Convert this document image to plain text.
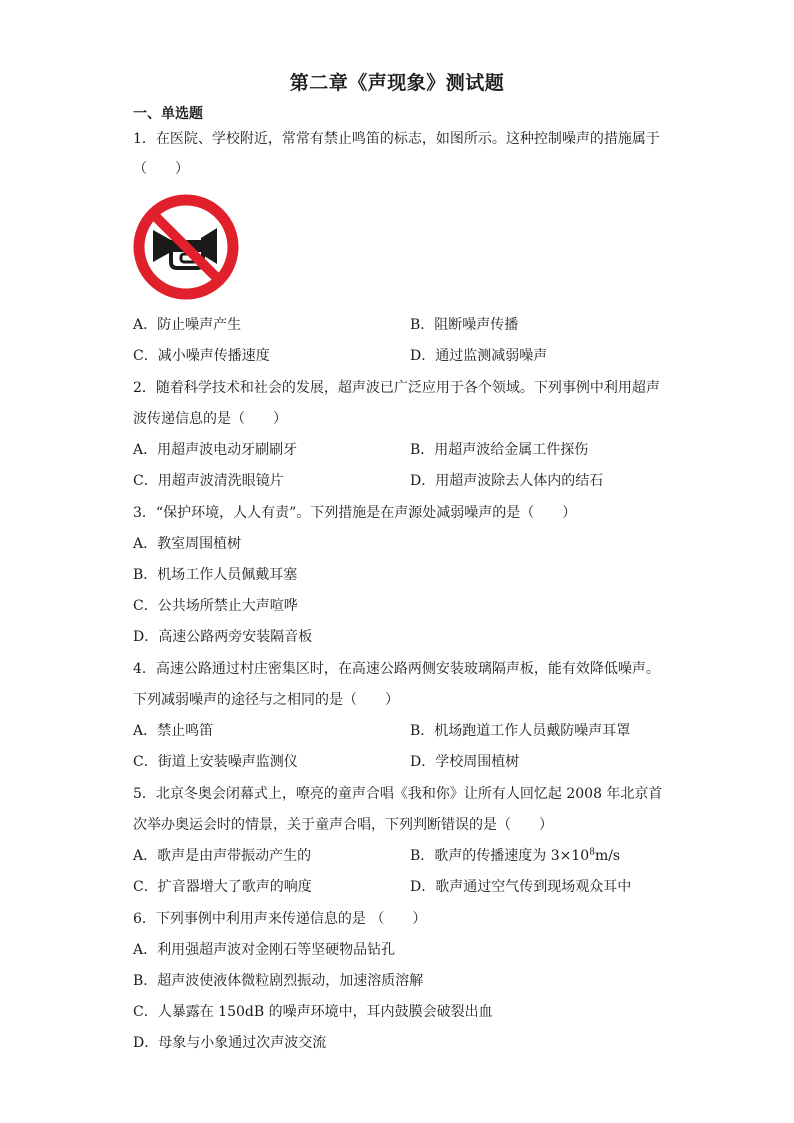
第二章《声现象》测试题
一、单选题
1．在医院、学校附近，常常有禁止鸣笛的标志，如图所示。这种控制噪声的措施属于
（　　）
A．防止噪声产生	B．阻断噪声传播
C．减小噪声传播速度	D．通过监测减弱噪声
2．随着科学技术和社会的发展，超声波已广泛应用于各个领域。下列事例中利用超声
波传递信息的是（　　）
A．用超声波电动牙刷刷牙	B．用超声波给金属工件探伤
C．用超声波清洗眼镜片	D．用超声波除去人体内的结石
3．“保护环境，人人有责”。下列措施是在声源处减弱噪声的是（　　）
A．教室周围植树
B．机场工作人员佩戴耳塞
C．公共场所禁止大声喧哗
D．高速公路两旁安装隔音板
4．高速公路通过村庄密集区时，在高速公路两侧安装玻璃隔声板，能有效降低噪声。
下列减弱噪声的途径与之相同的是（　　）
A．禁止鸣笛	B．机场跑道工作人员戴防噪声耳罩
C．街道上安装噪声监测仪	D．学校周围植树
5．北京冬奥会闭幕式上，嘹亮的童声合唱《我和你》让所有人回忆起 2008 年北京首
次举办奥运会时的情景，关于童声合唱，下列判断错误的是（　　）
A．歌声是由声带振动产生的	B．歌声的传播速度为 $3\times 10^8m/s$
C．扩音器增大了歌声的响度	D．歌声通过空气传到现场观众耳中
6．下列事例中利用声来传递信息的是 （　　）
A．利用强超声波对金刚石等坚硬物品钻孔
B．超声波使液体微粒剧烈振动，加速溶质溶解
C．人暴露在 150dB 的噪声环境中，耳内鼓膜会破裂出血
D．母象与小象通过次声波交流
